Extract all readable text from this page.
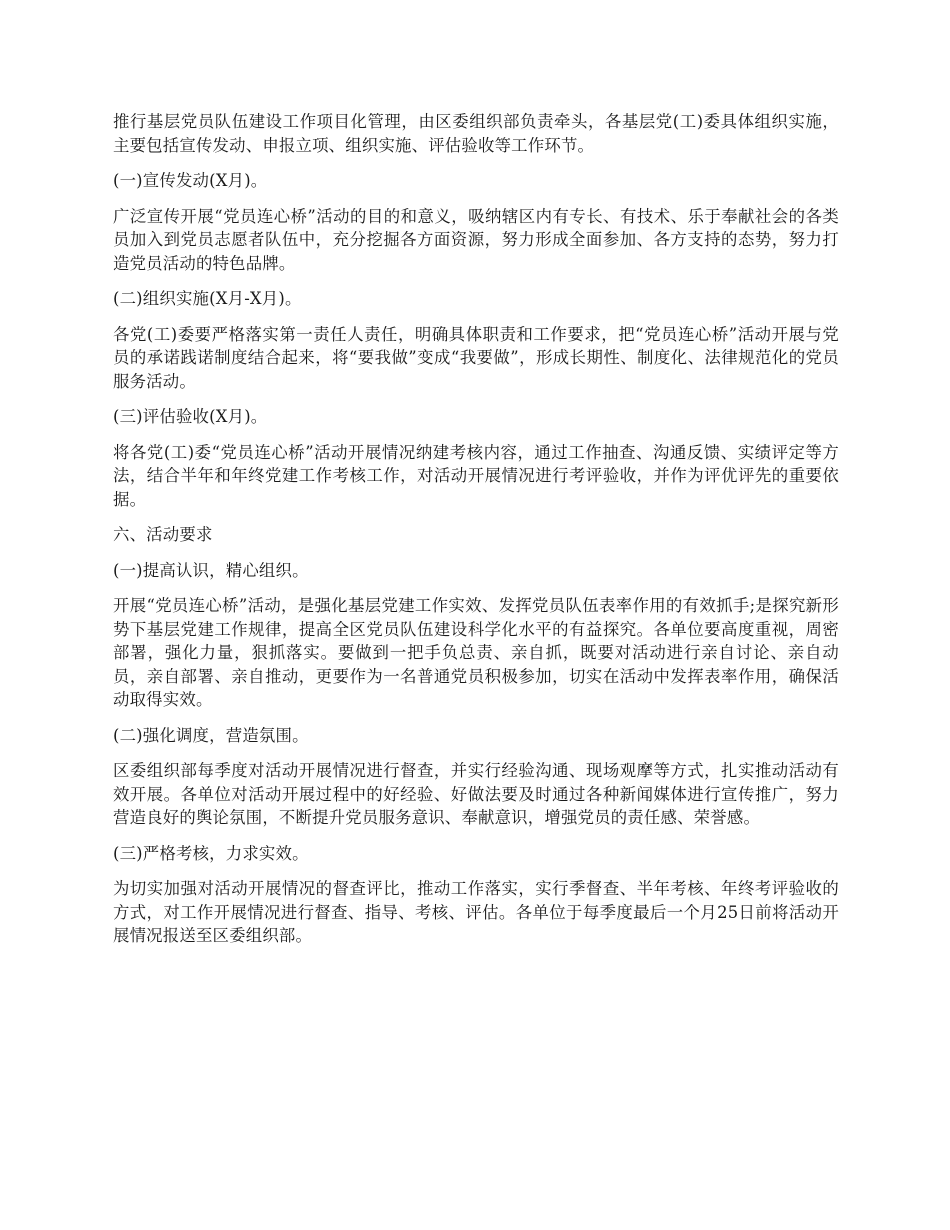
推行基层党员队伍建设工作项目化管理，由区委组织部负责牵头，各基层党(工)委具体组织实施，主要包括宣传发动、申报立项、组织实施、评估验收等工作环节。

(一)宣传发动(X月)。

广泛宣传开展“党员连心桥”活动的目的和意义，吸纳辖区内有专长、有技术、乐于奉献社会的各类员加入到党员志愿者队伍中，充分挖掘各方面资源，努力形成全面参加、各方支持的态势，努力打造党员活动的特色品牌。

(二)组织实施(X月-X月)。

各党(工)委要严格落实第一责任人责任，明确具体职责和工作要求，把“党员连心桥”活动开展与党员的承诺践诺制度结合起来，将“要我做”变成“我要做”，形成长期性、制度化、法律规范化的党员服务活动。

(三)评估验收(X月)。

将各党(工)委“党员连心桥”活动开展情况纳建考核内容，通过工作抽查、沟通反馈、实绩评定等方法，结合半年和年终党建工作考核工作，对活动开展情况进行考评验收，并作为评优评先的重要依据。

六、活动要求

(一)提高认识，精心组织。

开展“党员连心桥”活动，是强化基层党建工作实效、发挥党员队伍表率作用的有效抓手;是探究新形势下基层党建工作规律，提高全区党员队伍建设科学化水平的有益探究。各单位要高度重视，周密部署，强化力量，狠抓落实。要做到一把手负总责、亲自抓，既要对活动进行亲自讨论、亲自动员，亲自部署、亲自推动，更要作为一名普通党员积极参加，切实在活动中发挥表率作用，确保活动取得实效。

(二)强化调度，营造氛围。

区委组织部每季度对活动开展情况进行督查，并实行经验沟通、现场观摩等方式，扎实推动活动有效开展。各单位对活动开展过程中的好经验、好做法要及时通过各种新闻媒体进行宣传推广，努力营造良好的舆论氛围，不断提升党员服务意识、奉献意识，增强党员的责任感、荣誉感。

(三)严格考核，力求实效。

为切实加强对活动开展情况的督查评比，推动工作落实，实行季督查、半年考核、年终考评验收的方式，对工作开展情况进行督查、指导、考核、评估。各单位于每季度最后一个月25日前将活动开展情况报送至区委组织部。
